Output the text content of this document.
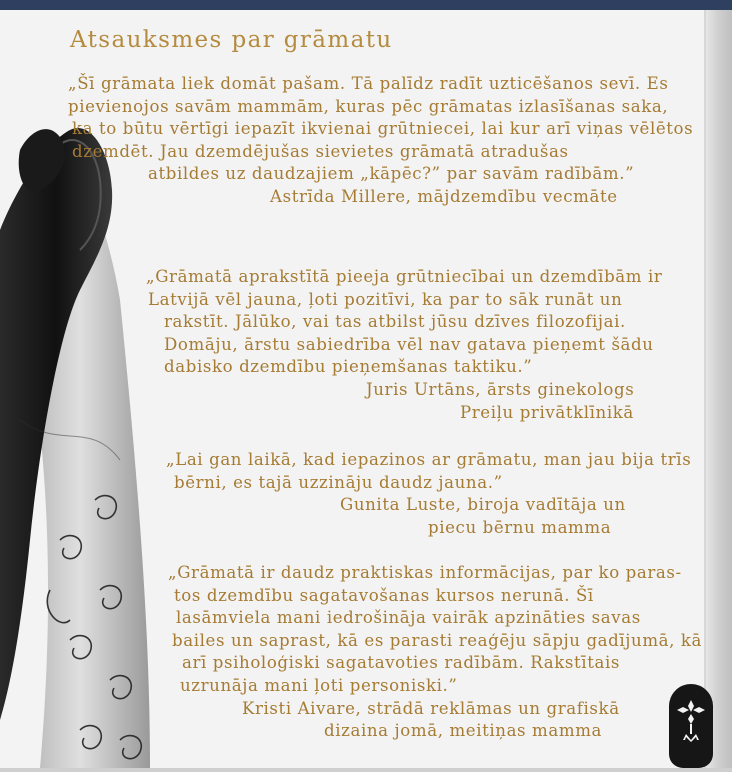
Atsauksmes par grāmatu
„Šī grāmata liek domāt pašam. Tā palīdz radīt uzticēšanos sevī. Es
pievienojos savām mammām, kuras pēc grāmatas izlasīšanas saka,
ka to būtu vērtīgi iepazīt ikvienai grūtniecei, lai kur arī viņas vēlētos
dzemdēt. Jau dzemdējušas sievietes grāmatā atradušas
atbildes uz daudzajiem „kāpēc?” par savām radībām.”
Astrīda Millere, mājdzemdību vecmāte
„Grāmatā aprakstītā pieeja grūtniecībai un dzemdībām ir
Latvijā vēl jauna, ļoti pozitīvi, ka par to sāk runāt un
rakstīt. Jālūko, vai tas atbilst jūsu dzīves filozofijai.
Domāju, ārstu sabiedrība vēl nav gatava pieņemt šādu
dabisko dzemdību pieņemšanas taktiku.”
Juris Urtāns, ārsts ginekologs
Preiļu privātklīnikā
„Lai gan laikā, kad iepazinos ar grāmatu, man jau bija trīs
bērni, es tajā uzzināju daudz jauna.”
Gunita Luste, biroja vadītāja un
piecu bērnu mamma
„Grāmatā ir daudz praktiskas informācijas, par ko paras-
tos dzemdību sagatavošanas kursos nerunā. Šī
lasāmviela mani iedrošināja vairāk apzināties savas
bailes un saprast, kā es parasti reaģēju sāpju gadījumā, kā
arī psiholoģiski sagatavoties radībām. Rakstītais
uzrunāja mani ļoti personiski.”
Kristi Aivare, strādā reklāmas un grafiskā
dizaina jomā, meitiņas mamma
